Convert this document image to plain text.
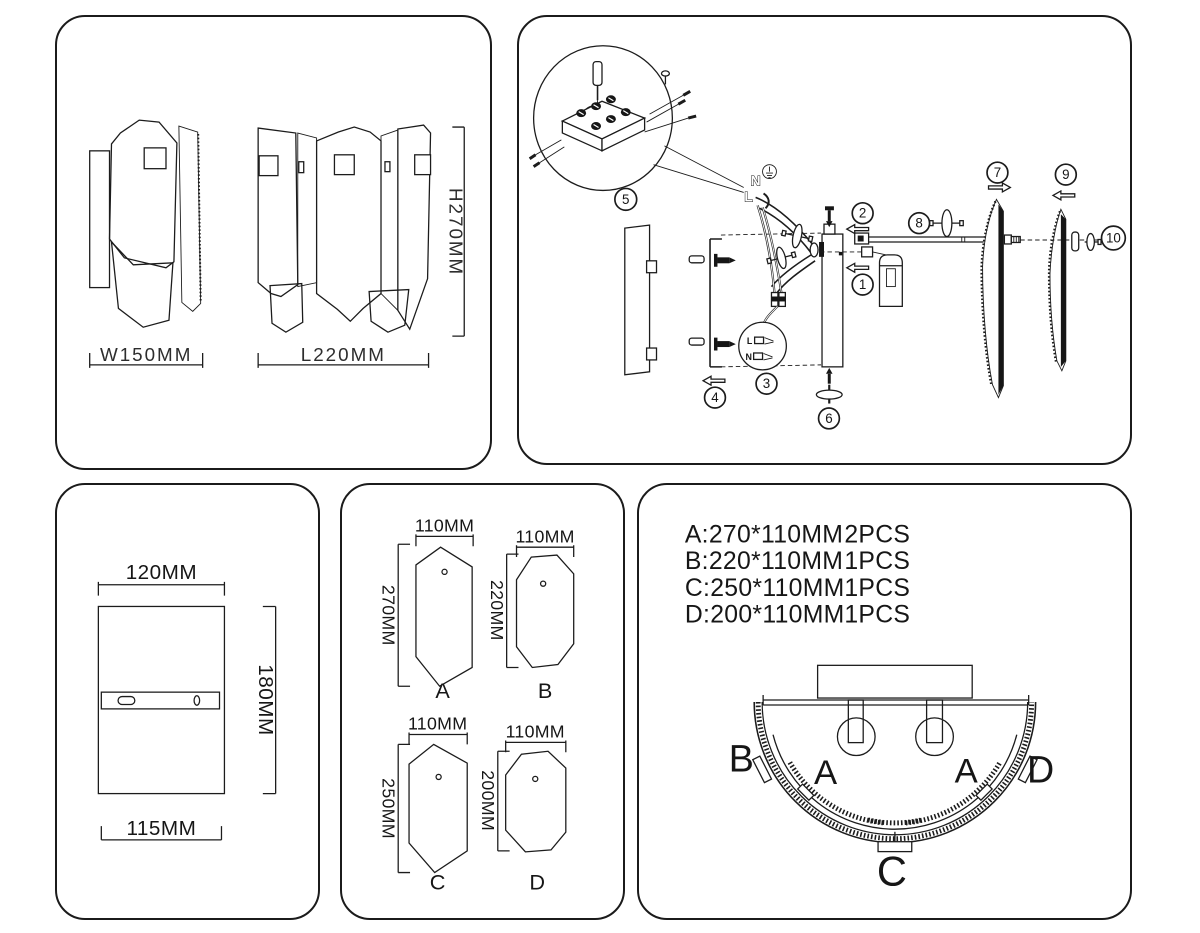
W150MM	L220MM
H270MM	5
N
L
L
N
3
4
6
2
1
8
7	9
10
120MM
115MM
180MM
110MM
270MM
A
110MM
220MM
B
110MM
250MM
C
110MM
200MM
D
A:270*110MM 2PCS
B:220*110MM 1PCS
C:250*110MM 1PCS
D:200*110MM 1PCS
B A	A D
C
